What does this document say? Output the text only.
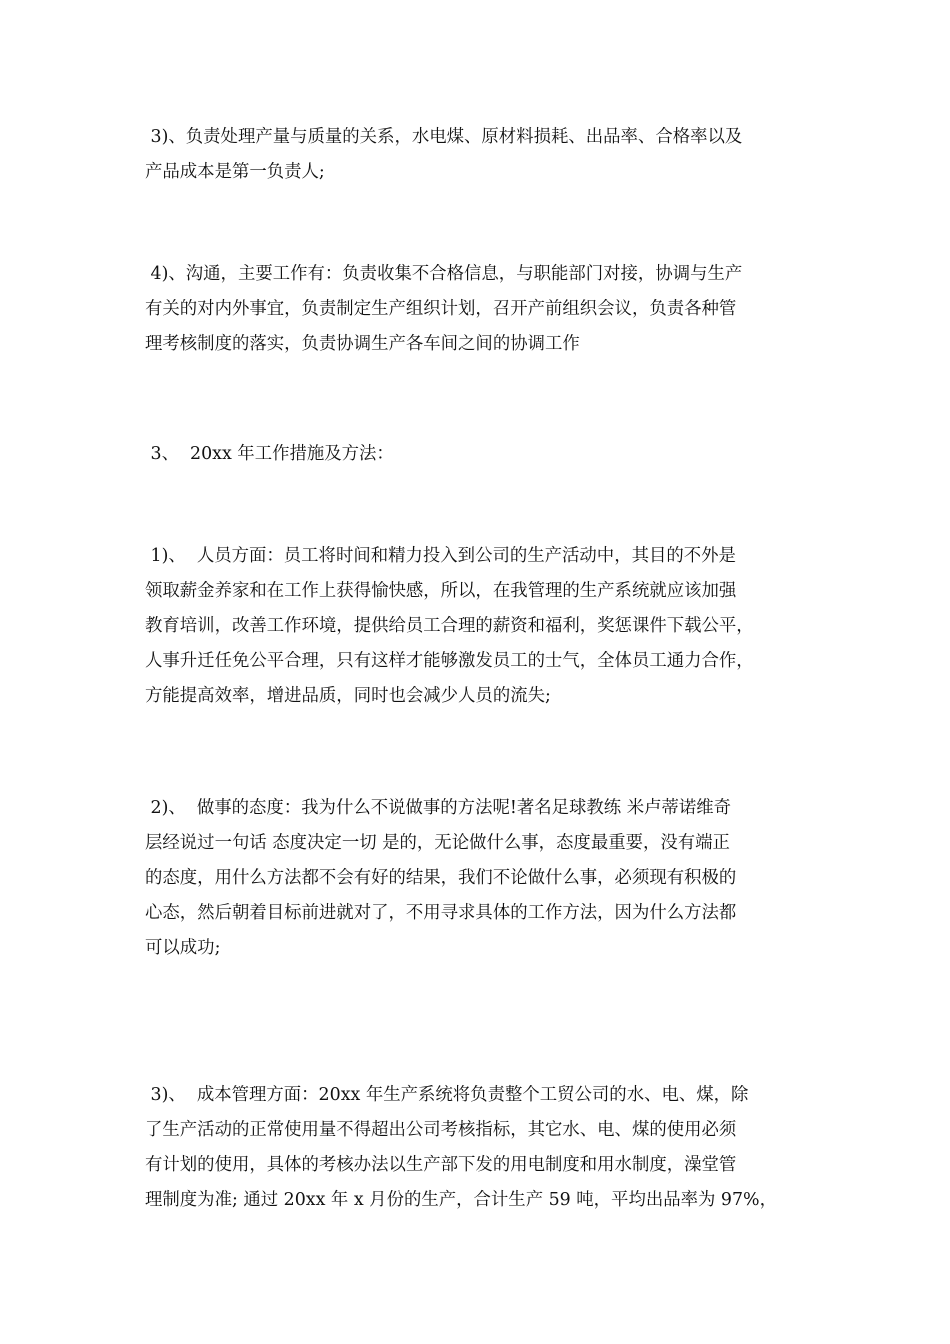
3)、负责处理产量与质量的关系，水电煤、原材料损耗、出品率、合格率以及
产品成本是第一负责人;
4)、沟通，主要工作有：负责收集不合格信息，与职能部门对接，协调与生产
有关的对内外事宜，负责制定生产组织计划，召开产前组织会议，负责各种管
理考核制度的落实，负责协调生产各车间之间的协调工作
3、  20xx 年工作措施及方法：
1)、  人员方面：员工将时间和精力投入到公司的生产活动中，其目的不外是
领取薪金养家和在工作上获得愉快感，所以，在我管理的生产系统就应该加强
教育培训，改善工作环境，提供给员工合理的薪资和福利，奖惩课件下载公平，
人事升迁任免公平合理，只有这样才能够激发员工的士气，全体员工通力合作，
方能提高效率，增进品质，同时也会减少人员的流失;
2)、  做事的态度：我为什么不说做事的方法呢!著名足球教练 米卢蒂诺维奇
层经说过一句话 态度决定一切 是的，无论做什么事，态度最重要，没有端正
的态度，用什么方法都不会有好的结果，我们不论做什么事，必须现有积极的
心态，然后朝着目标前进就对了，不用寻求具体的工作方法，因为什么方法都
可以成功;
3)、  成本管理方面：20xx 年生产系统将负责整个工贸公司的水、电、煤，除
了生产活动的正常使用量不得超出公司考核指标，其它水、电、煤的使用必须
有计划的使用，具体的考核办法以生产部下发的用电制度和用水制度，澡堂管
理制度为准; 通过 20xx 年 x 月份的生产，合计生产 59 吨，平均出品率为 97%，
